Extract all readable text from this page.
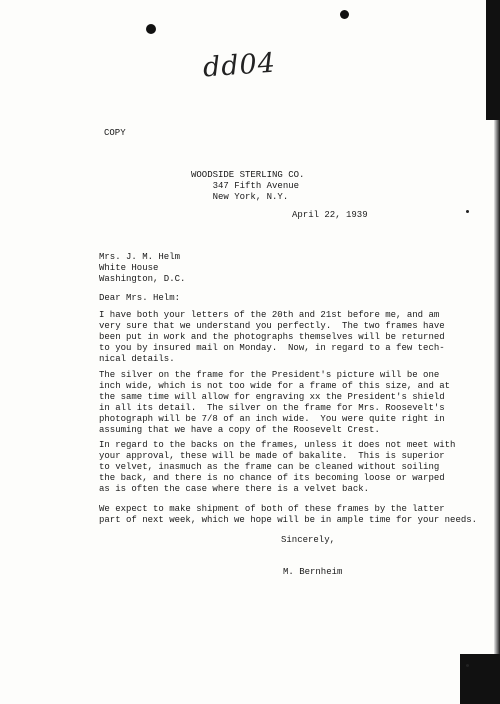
dd04
COPY
WOODSIDE STERLING CO.
347 Fifth Avenue
New York, N.Y.
April 22, 1939
Mrs. J. M. Helm
White House
Washington, D.C.
Dear Mrs. Helm:
I have both your letters of the 20th and 21st before me, and am
very sure that we understand you perfectly.  The two frames have
been put in work and the photographs themselves will be returned
to you by insured mail on Monday.  Now, in regard to a few tech-
nical details.
The silver on the frame for the President's picture will be one
inch wide, which is not too wide for a frame of this size, and at
the same time will allow for engraving xx the President's shield
in all its detail.  The silver on the frame for Mrs. Roosevelt's
photograph will be 7/8 of an inch wide.  You were quite right in
assuming that we have a copy of the Roosevelt Crest.
In regard to the backs on the frames, unless it does not meet with
your approval, these will be made of bakalite.  This is superior
to velvet, inasmuch as the frame can be cleaned without soiling
the back, and there is no chance of its becoming loose or warped
as is often the case where there is a velvet back.
We expect to make shipment of both of these frames by the latter
part of next week, which we hope will be in ample time for your needs.
Sincerely,
M. Bernheim
